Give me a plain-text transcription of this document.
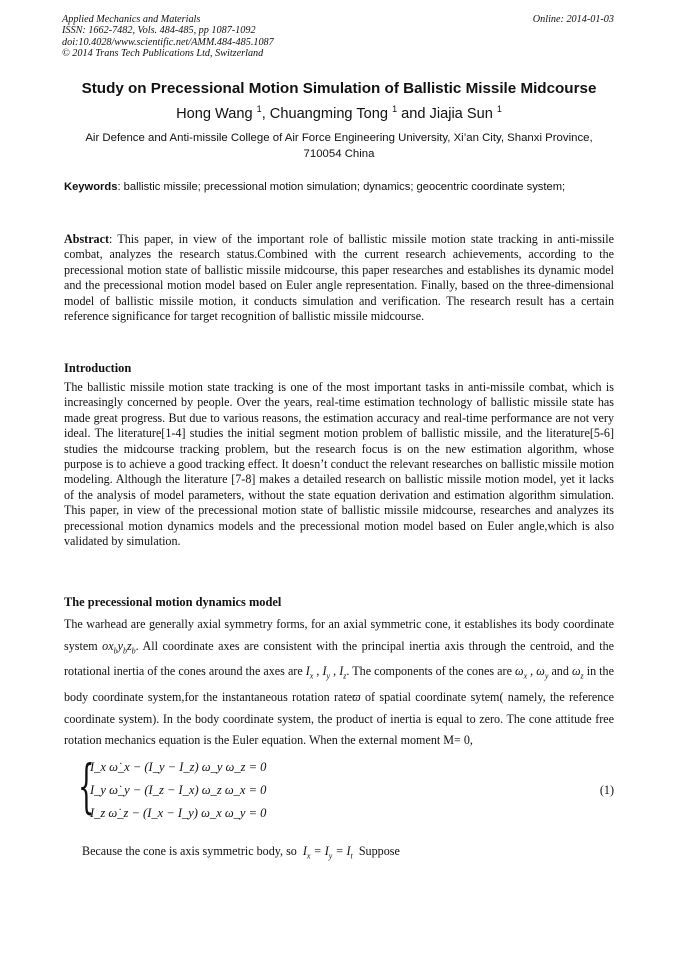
Applied Mechanics and Materials
ISSN: 1662-7482, Vols. 484-485, pp 1087-1092
doi:10.4028/www.scientific.net/AMM.484-485.1087
© 2014 Trans Tech Publications Ltd, Switzerland
Online: 2014-01-03
Study on Precessional Motion Simulation of Ballistic Missile Midcourse
Hong Wang $^1$, Chuangming Tong $^1$ and Jiajia Sun $^1$
Air Defence and Anti-missile College of Air Force Engineering University, Xi’an City, Shanxi Province, 710054 China
Keywords: ballistic missile; precessional motion simulation; dynamics; geocentric coordinate system;
Abstract: This paper, in view of the important role of ballistic missile motion state tracking in anti-missile combat, analyzes the research status.Combined with the current research achievements, according to the precessional motion state of ballistic missile midcourse, this paper researches and establishes its dynamic model and the precessional motion model based on Euler angle representation. Finally, based on the three-dimensional model of ballistic missile motion, it conducts simulation and verification. The research result has a certain reference significance for target recognition of ballistic missile midcourse.
Introduction
The ballistic missile motion state tracking is one of the most important tasks in anti-missile combat, which is increasingly concerned by people. Over the years, real-time estimation technology of ballistic missile state has made great progress. But due to various reasons, the estimation accuracy and real-time performance are not very ideal. The literature[1-4] studies the initial segment motion problem of ballistic missile, and the literature[5-6] studies the midcourse tracking problem, but the research focus is on the new estimation algorithm, whose purpose is to achieve a good tracking effect. It doesn’t conduct the relevant researches on ballistic missile motion modeling. Although the literature [7-8] makes a detailed research on ballistic missile motion model, yet it lacks of the analysis of model parameters, without the state equation derivation and estimation algorithm simulation. This paper, in view of the precessional motion state of ballistic missile midcourse, researches and analyzes its precessional motion dynamics models and the precessional motion model based on Euler angle,which is also validated by simulation.
The precessional motion dynamics model
The warhead are generally axial symmetry forms, for an axial symmetric cone, it establishes its body coordinate system $ox_by_bz_b$. All coordinate axes are consistent with the principal inertia axis through the centroid, and the rotational inertia of the cones around the axes are $I_x$ , $I_y$ , $I_z$. The components of the cones are $\omega_x$ , $\omega_y$ and $\omega_z$ in the body coordinate system,for the instantaneous rotation rateϖ of spatial coordinate sytem( namely, the reference coordinate system). In the body coordinate system, the product of inertia is equal to zero. The cone attitude free rotation mechanics equation is the Euler equation. When the external moment M= 0,
{
I_x ω̇_x − (I_y − I_z) ω_y ω_z = 0
I_y ω̇_y − (I_z − I_x) ω_z ω_x = 0
I_z ω̇_z − (I_x − I_y) ω_x ω_y = 0
(1)
Because the cone is axis symmetric body, so $I_x = I_y = I_t$ Suppose
